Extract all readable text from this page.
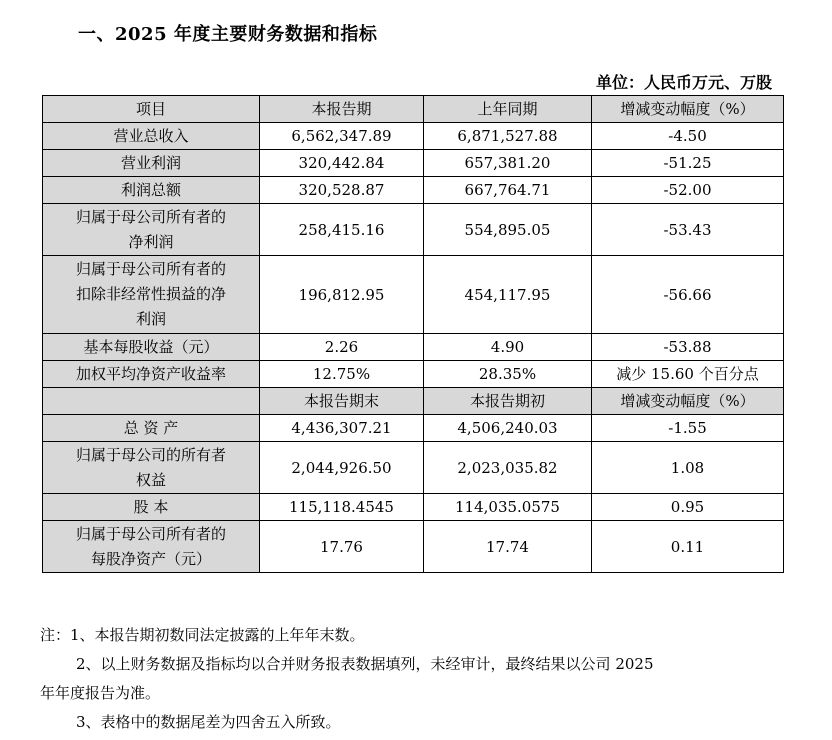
一、2025 年度主要财务数据和指标
单位：人民币万元、万股
项目	本报告期	上年同期	增减变动幅度（%）
营业总收入	6,562,347.89	6,871,527.88	-4.50
营业利润	320,442.84	657,381.20	-51.25
利润总额	320,528.87	667,764.71	-52.00

归属于母公司所有者的
净利润	258,415.16	554,895.05	-53.43

归属于母公司所有者的
扣除非经常性损益的净
利润	196,812.95	454,117.95	-56.66
基本每股收益（元）	2.26	4.90	-53.88
加权平均净资产收益率	12.75%	28.35%	减少 15.60 个百分点
	本报告期末	本报告期初	增减变动幅度（%）
总 资 产	4,436,307.21	4,506,240.03	-1.55

归属于母公司的所有者
权益	2,044,926.50	2,023,035.82	1.08
股 本	115,118.4545	114,035.0575	0.95

归属于母公司所有者的
每股净资产（元）	17.76	17.74	0.11

注：1、本报告期初数同法定披露的上年年末数。

2、以上财务数据及指标均以合并财务报表数据填列，未经审计，最终结果以公司 2025

年年度报告为准。

3、表格中的数据尾差为四舍五入所致。
